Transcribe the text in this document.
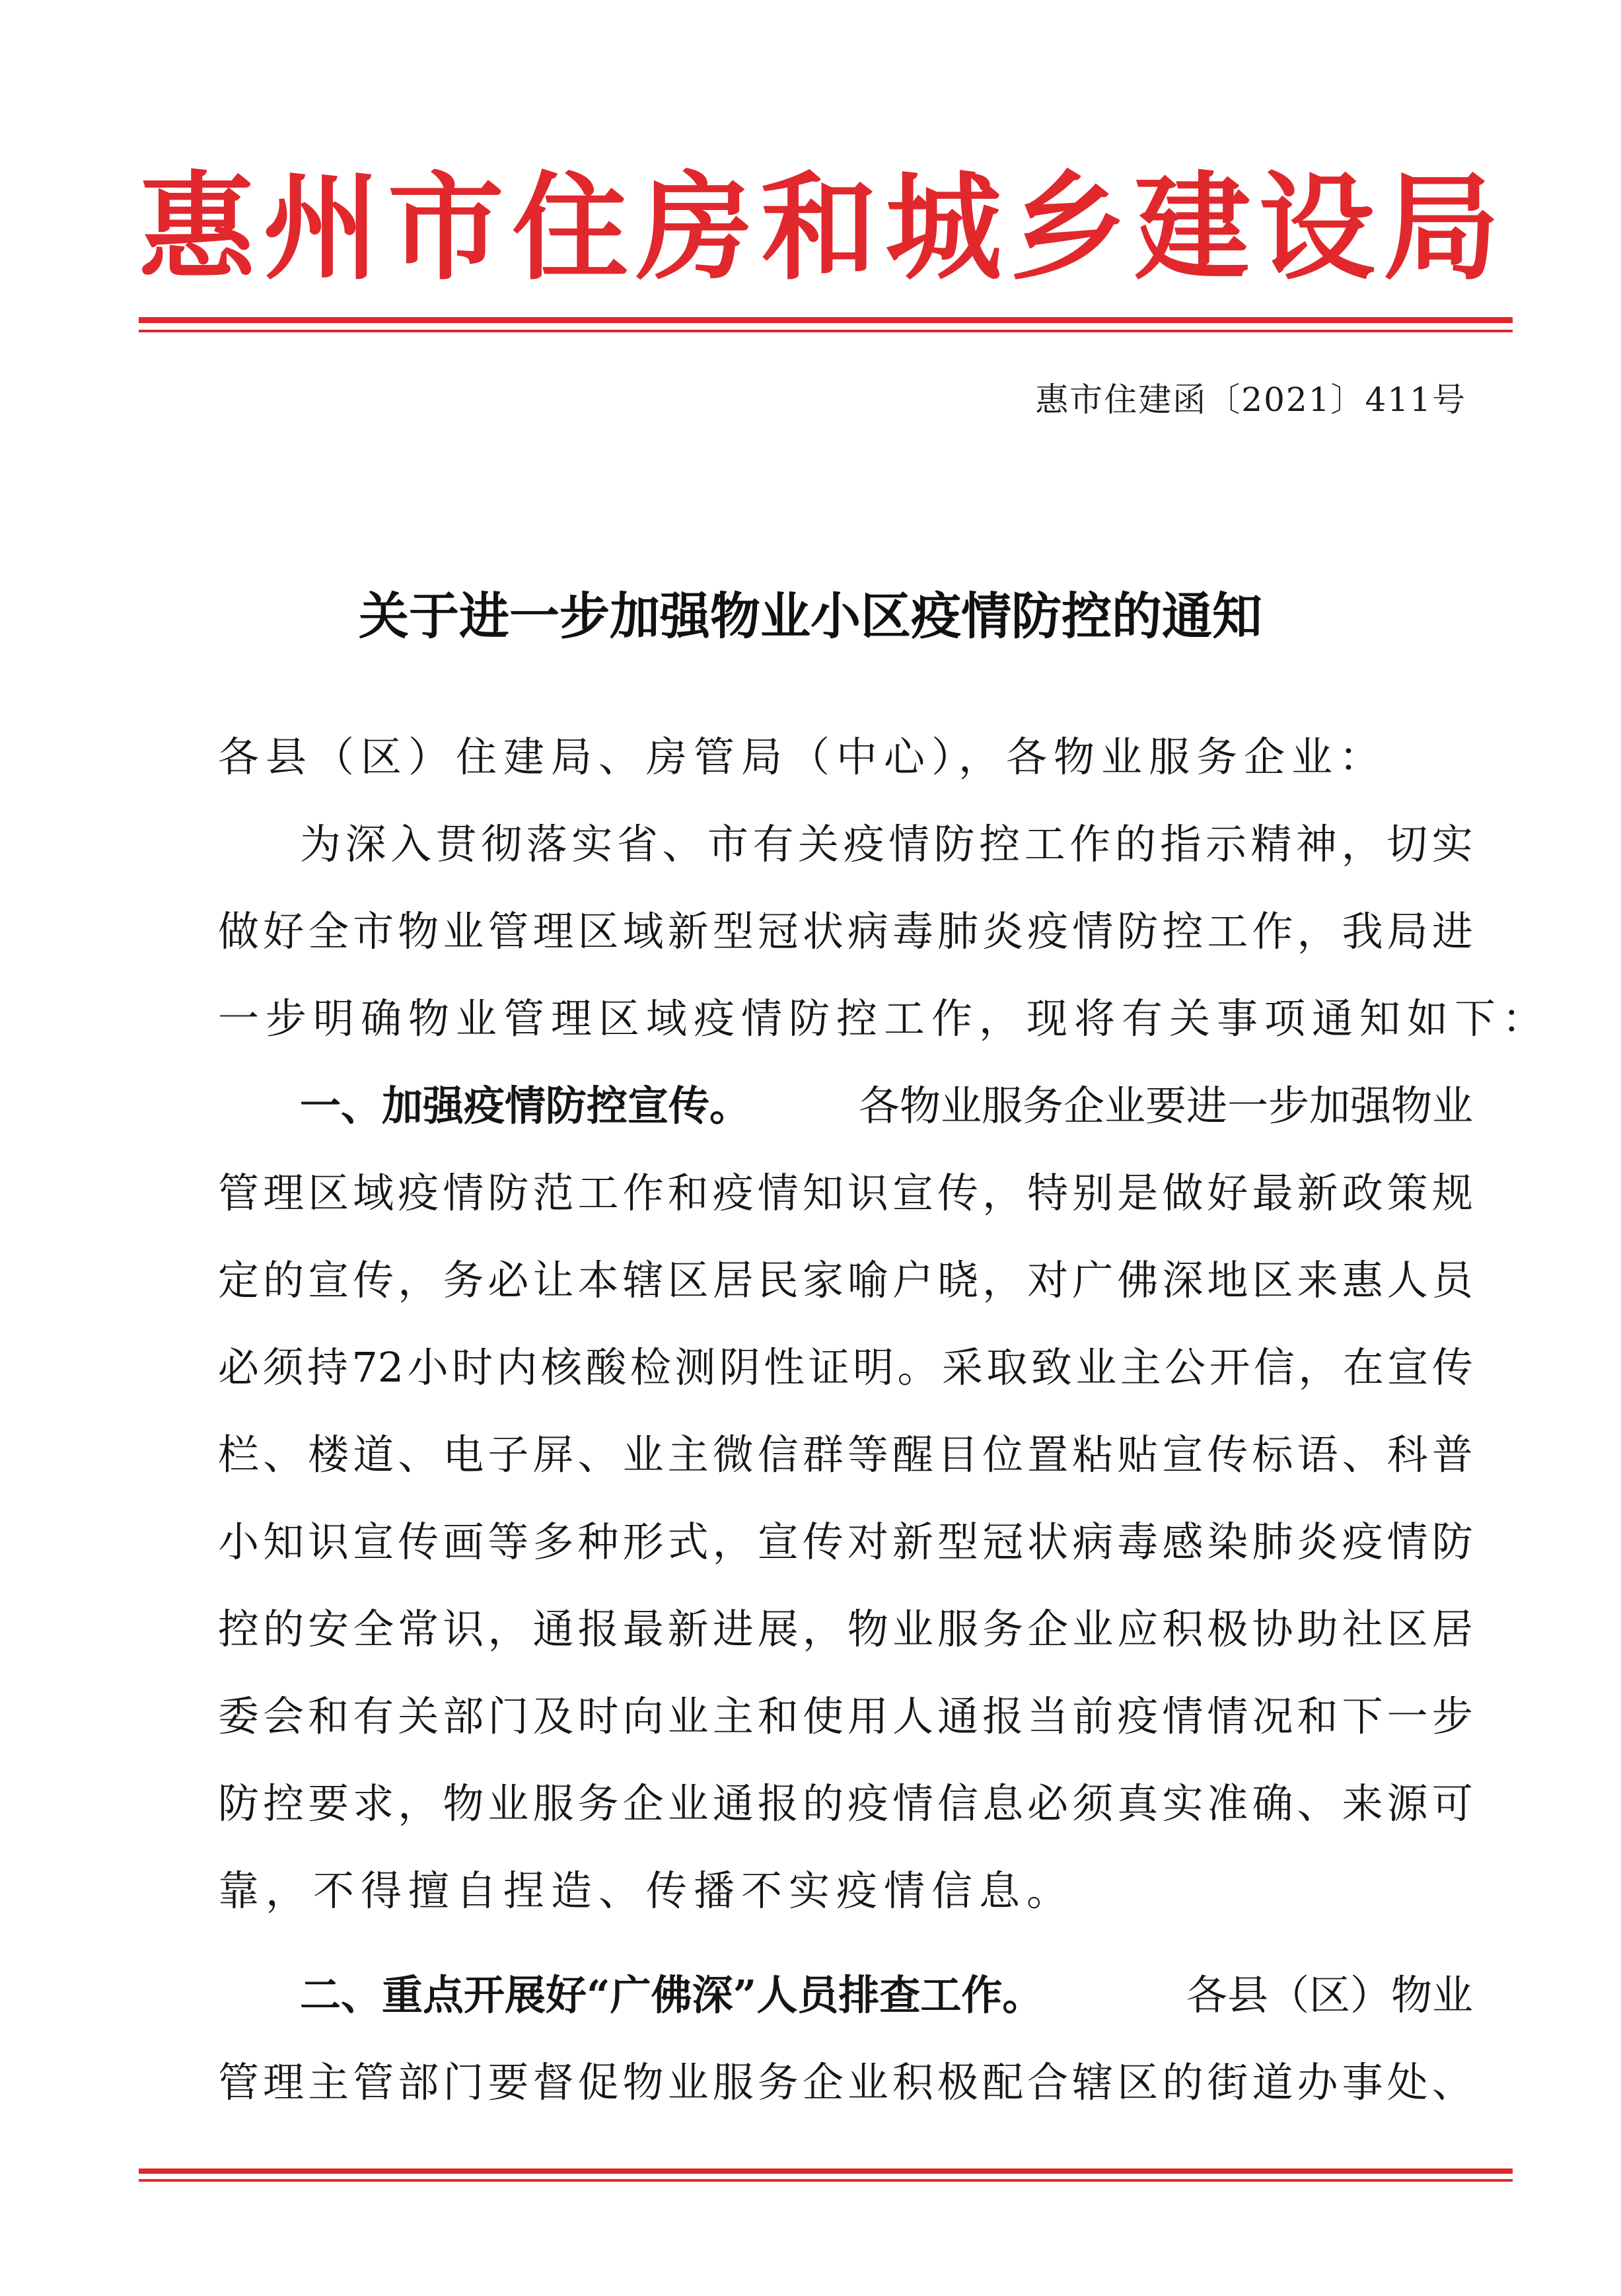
惠 州 市 住 房 和 城 乡 建 设 局
惠市住建函〔2021〕411号
关于进一步加强物业小区疫情防控的通知
各县（区）住建局、房管局（中心），各物业服务企业：
为 深 入 贯 彻 落 实 省 、 市 有 关 疫 情 防 控 工 作 的 指 示 精 神 ， 切 实
做 好 全 市 物 业 管 理 区 域 新 型 冠 状 病 毒 肺 炎 疫 情 防 控 工 作 ， 我 局 进
一步明确物业管理区域疫情防控工作，现将有关事项通知如下：
一、加强疫情防控宣传。	各物业服务企业要进一步加强物业
管 理 区 域 疫 情 防 范 工 作 和 疫 情 知 识 宣 传 ， 特 别 是 做 好 最 新 政 策 规
定 的 宣 传 ， 务 必 让 本 辖 区 居 民 家 喻 户 晓 ， 对 广 佛 深 地 区 来 惠 人 员
必 须 持 72 小 时 内 核 酸 检 测 阴 性 证 明 。 采 取 致 业 主 公 开 信 ， 在 宣 传
栏 、 楼 道 、 电 子 屏 、 业 主 微 信 群 等 醒 目 位 置 粘 贴 宣 传 标 语 、 科 普
小 知 识 宣 传 画 等 多 种 形 式 ， 宣 传 对 新 型 冠 状 病 毒 感 染 肺 炎 疫 情 防
控 的 安 全 常 识 ， 通 报 最 新 进 展 ， 物 业 服 务 企 业 应 积 极 协 助 社 区 居
委 会 和 有 关 部 门 及 时 向 业 主 和 使 用 人 通 报 当 前 疫 情 情 况 和 下 一 步
防 控 要 求 ， 物 业 服 务 企 业 通 报 的 疫 情 信 息 必 须 真 实 准 确 、 来 源 可
靠，不得擅自捏造、传播不实疫情信息。
二、重点开展好“广佛深”人员排查工作。	各县（区）物业
管 理 主 管 部 门 要 督 促 物 业 服 务 企 业 积 极 配 合 辖 区 的 街 道 办 事 处 、
